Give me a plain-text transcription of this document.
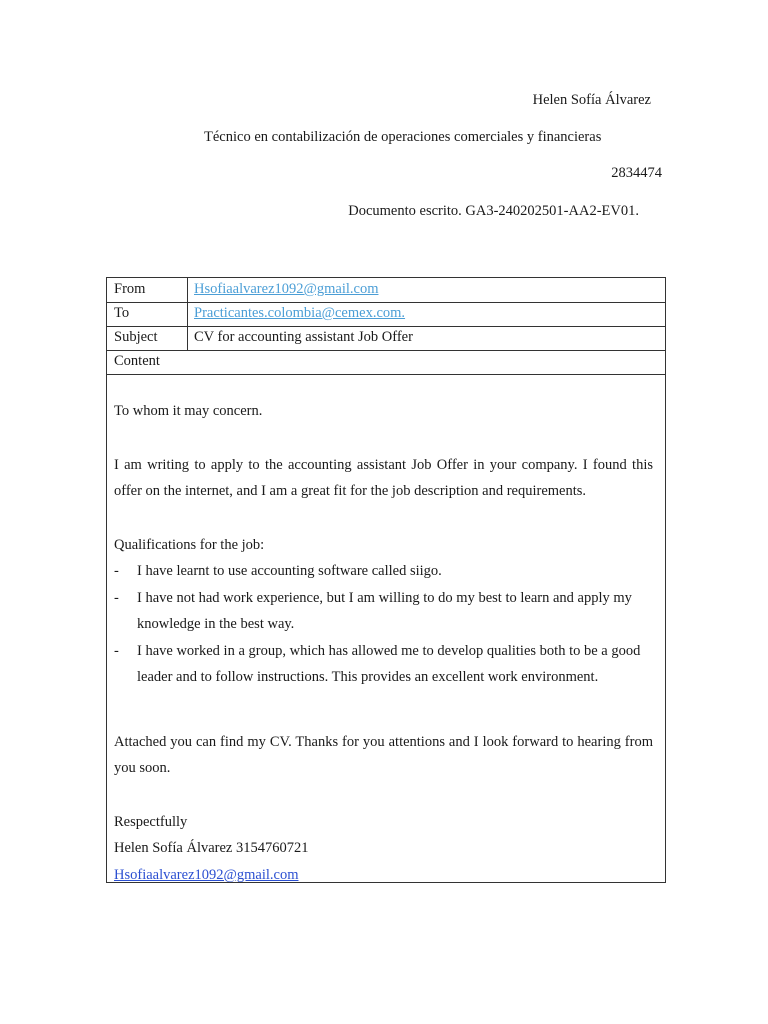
Helen Sofía Álvarez
Técnico en contabilización de operaciones comerciales y financieras
2834474
Documento escrito. GA3-240202501-AA2-EV01.
From	Hsofiaalvarez1092@gmail.com
To	Practicantes.colombia@cemex.com.
Subject	CV for accounting assistant Job Offer
Content

To whom it may concern.

I am writing to apply to the accounting assistant Job Offer in your company. I found this offer on the internet, and I am a great fit for the job description and requirements.

Qualifications for the job:

- I have learnt to use accounting software called siigo.
- I have not had work experience, but I am willing to do my best to learn and apply my knowledge in the best way.
- I have worked in a group, which has allowed me to develop qualities both to be a good leader and to follow instructions. This provides an excellent work environment.

Attached you can find my CV. Thanks for you attentions and I look forward to hearing from you soon.

Respectfully

Helen Sofía Álvarez 3154760721

Hsofiaalvarez1092@gmail.com
